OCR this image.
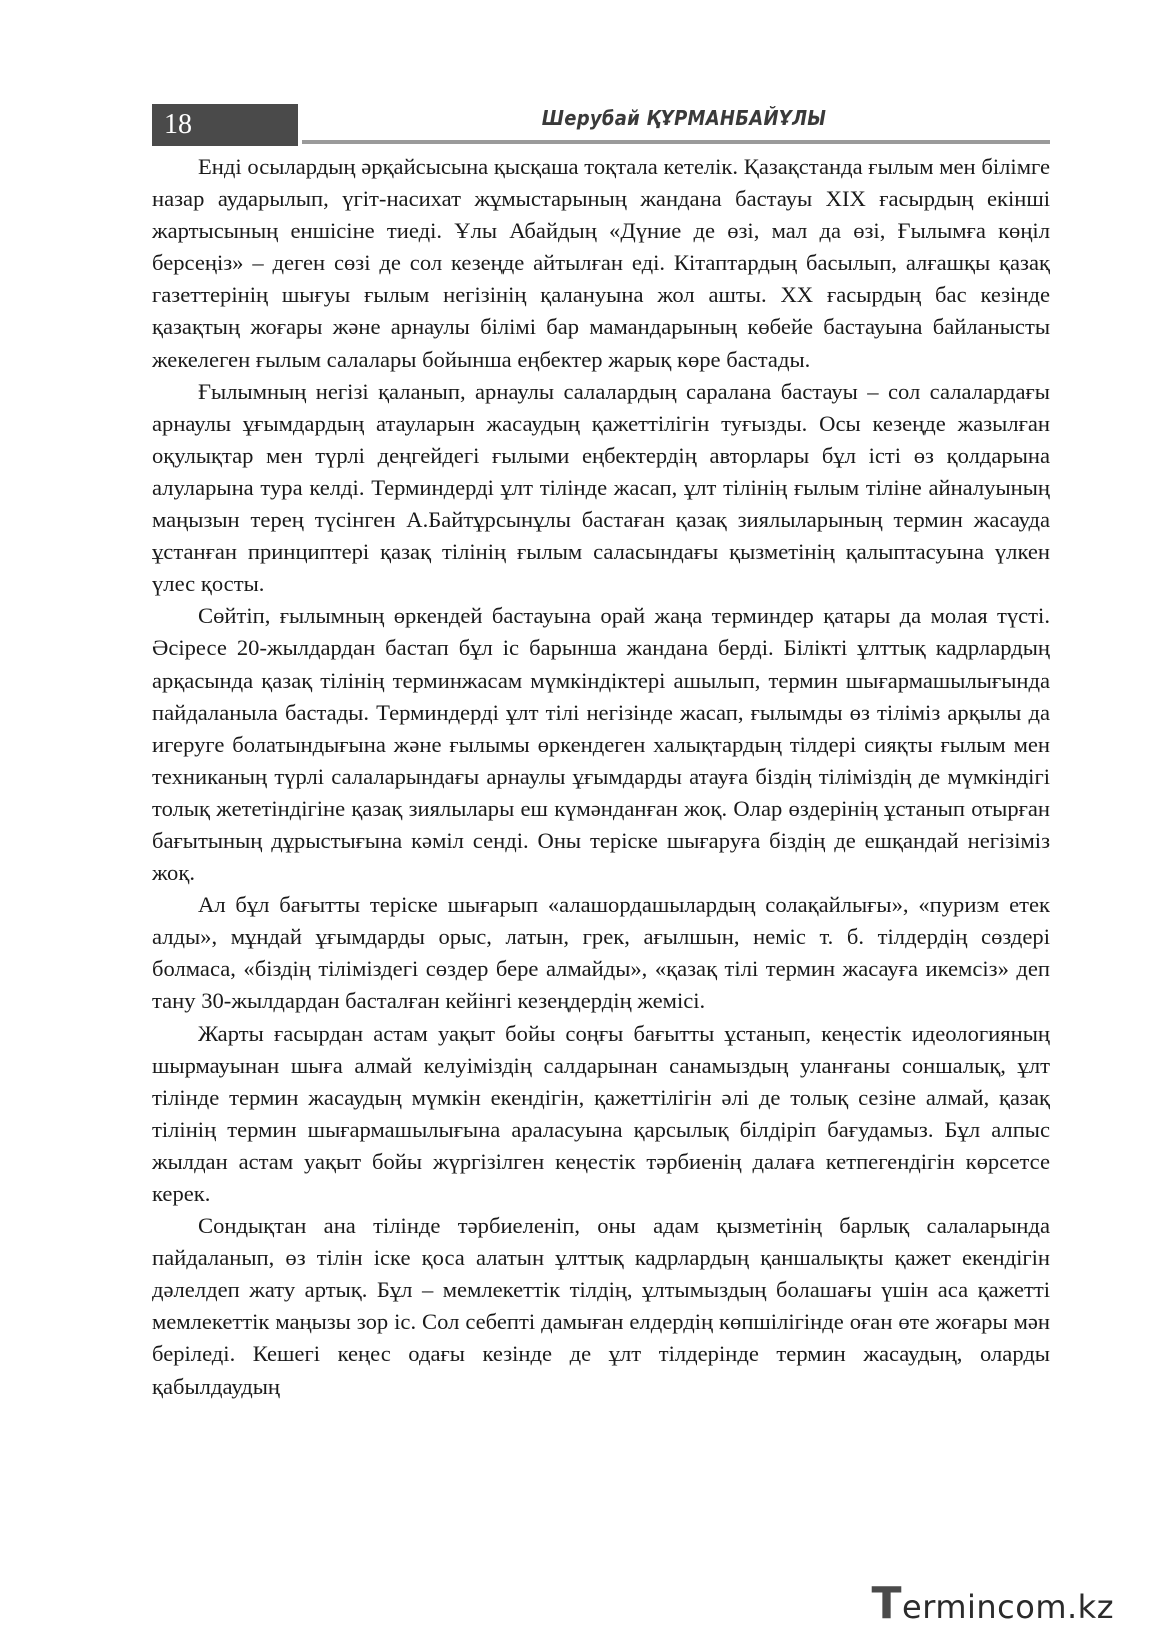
18	Шерубай ҚҰРМАНБАЙҰЛЫ

Енді осылардың әрқайсысына қысқаша тоқтала кетелік. Қазақстанда ғылым мен білімге назар аударылып, үгіт-насихат жұмыстарының жандана бастауы XIX ғасырдың екінші жартысының еншісіне тиеді. Ұлы Абайдың «Дүние де өзі, мал да өзі, Ғылымға көңіл берсеңіз» – деген сөзі де сол кезеңде айтылған еді. Кітаптардың басылып, алғашқы қазақ газеттерінің шығуы ғылым негізінің қалануына жол ашты. XX ғасырдың бас кезінде қазақтың жоғары және арнаулы білімі бар мамандарының көбейе бастауына байланысты жекелеген ғылым салалары бойынша еңбектер жарық көре бастады.

Ғылымның негізі қаланып, арнаулы салалардың саралана бастауы – сол салалардағы арнаулы ұғымдардың атауларын жасаудың қажеттілігін туғызды. Осы кезеңде жазылған оқулықтар мен түрлі деңгейдегі ғылыми еңбектердің авторлары бұл істі өз қолдарына алуларына тура келді. Терминдерді ұлт тілінде жасап, ұлт тілінің ғылым тіліне айналуының маңызын терең түсінген А.Байтұрсынұлы бастаған қазақ зиялыларының термин жасауда ұстанған принциптері қазақ тілінің ғылым саласындағы қызметінің қалыптасуына үлкен үлес қосты.

Сөйтіп, ғылымның өркендей бастауына орай жаңа терминдер қатары да молая түсті. Әсіресе 20-жылдардан бастап бұл іс барынша жандана берді. Білікті ұлттық кадрлардың арқасында қазақ тілінің терминжасам мүмкіндіктері ашылып, термин шығармашылығында пайдаланыла бастады. Терминдерді ұлт тілі негізінде жасап, ғылымды өз тіліміз арқылы да игеруге болатындығына және ғылымы өркендеген халықтардың тілдері сияқты ғылым мен техниканың түрлі салаларындағы арнаулы ұғымдарды атауға біздің тіліміздің де мүмкіндігі толық жететіндігіне қазақ зиялылары еш күмәнданған жоқ. Олар өздерінің ұстанып отырған бағытының дұрыстығына кәміл сенді. Оны теріске шығаруға біздің де ешқандай негізіміз жоқ.

Ал бұл бағытты теріске шығарып «алашордашылардың солақайлығы», «пуризм етек алды», мұндай ұғымдарды орыс, латын, грек, ағылшын, неміс т. б. тілдердің сөздері болмаса, «біздің тіліміздегі сөздер бере алмайды», «қазақ тілі термин жасауға икемсіз» деп тану 30-жылдардан басталған кейінгі кезеңдердің жемісі.

Жарты ғасырдан астам уақыт бойы соңғы бағытты ұстанып, кеңестік идеологияның шырмауынан шыға алмай келуіміздің салдарынан санамыздың уланғаны соншалық, ұлт тілінде термин жасаудың мүмкін екендігін, қажеттілігін әлі де толық сезіне алмай, қазақ тілінің термин шығармашылығына араласуына қарсылық білдіріп бағудамыз. Бұл алпыс жылдан астам уақыт бойы жүргізілген кеңестік тәрбиенің далаға кетпегендігін көрсетсе керек.

Сондықтан ана тілінде тәрбиеленіп, оны адам қызметінің барлық салаларында пайдаланып, өз тілін іске қоса алатын ұлттық кадрлардың қаншалықты қажет екендігін дәлелдеп жату артық. Бұл – мемлекеттік тілдің, ұлтымыздың болашағы үшін аса қажетті мемлекеттік маңызы зор іс. Сол себепті дамыған елдердің көпшілігінде оған өте жоғары мән беріледі. Кешегі кеңес одағы кезінде де ұлт тілдерінде термин жасаудың, оларды қабылдаудың

Termincom.kz
